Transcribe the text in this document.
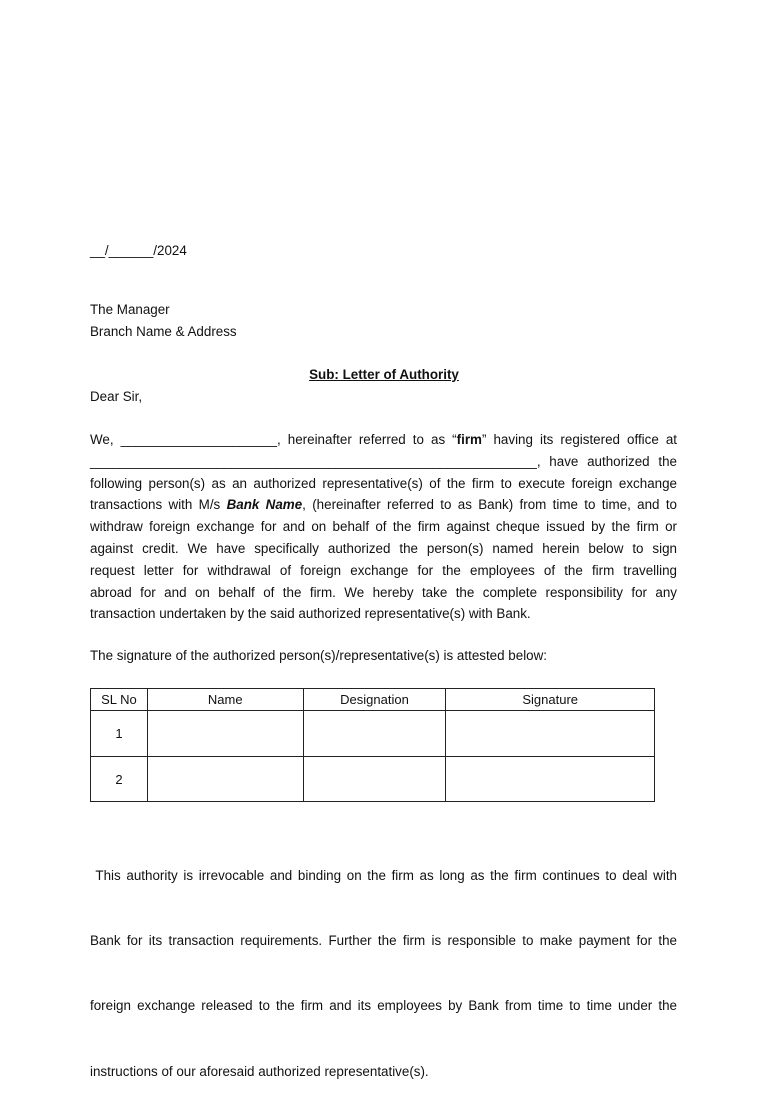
__/______/2024
The Manager
Branch Name & Address
Sub: Letter of Authority
Dear Sir,
We, _____________________, hereinafter referred to as “firm” having its registered office at
____________________________________________________________, have authorized the
following person(s) as an authorized representative(s) of the firm to execute foreign exchange
transactions with M/s Bank Name, (hereinafter referred to as Bank) from time to time, and to
withdraw foreign exchange for and on behalf of the firm against cheque issued by the firm or
against credit. We have specifically authorized the person(s) named herein below to sign
request letter for withdrawal of foreign exchange for the employees of the firm travelling
abroad for and on behalf of the firm. We hereby take the complete responsibility for any
transaction undertaken by the said authorized representative(s) with Bank.
The signature of the authorized person(s)/representative(s) is attested below:
SL No	Name	Designation	Signature
1			
2			

This authority is irrevocable and binding on the firm as long as the firm continues to deal with

Bank for its transaction requirements. Further the firm is responsible to make payment for the

foreign exchange released to the firm and its employees by Bank from time to time under the

instructions of our aforesaid authorized representative(s).
